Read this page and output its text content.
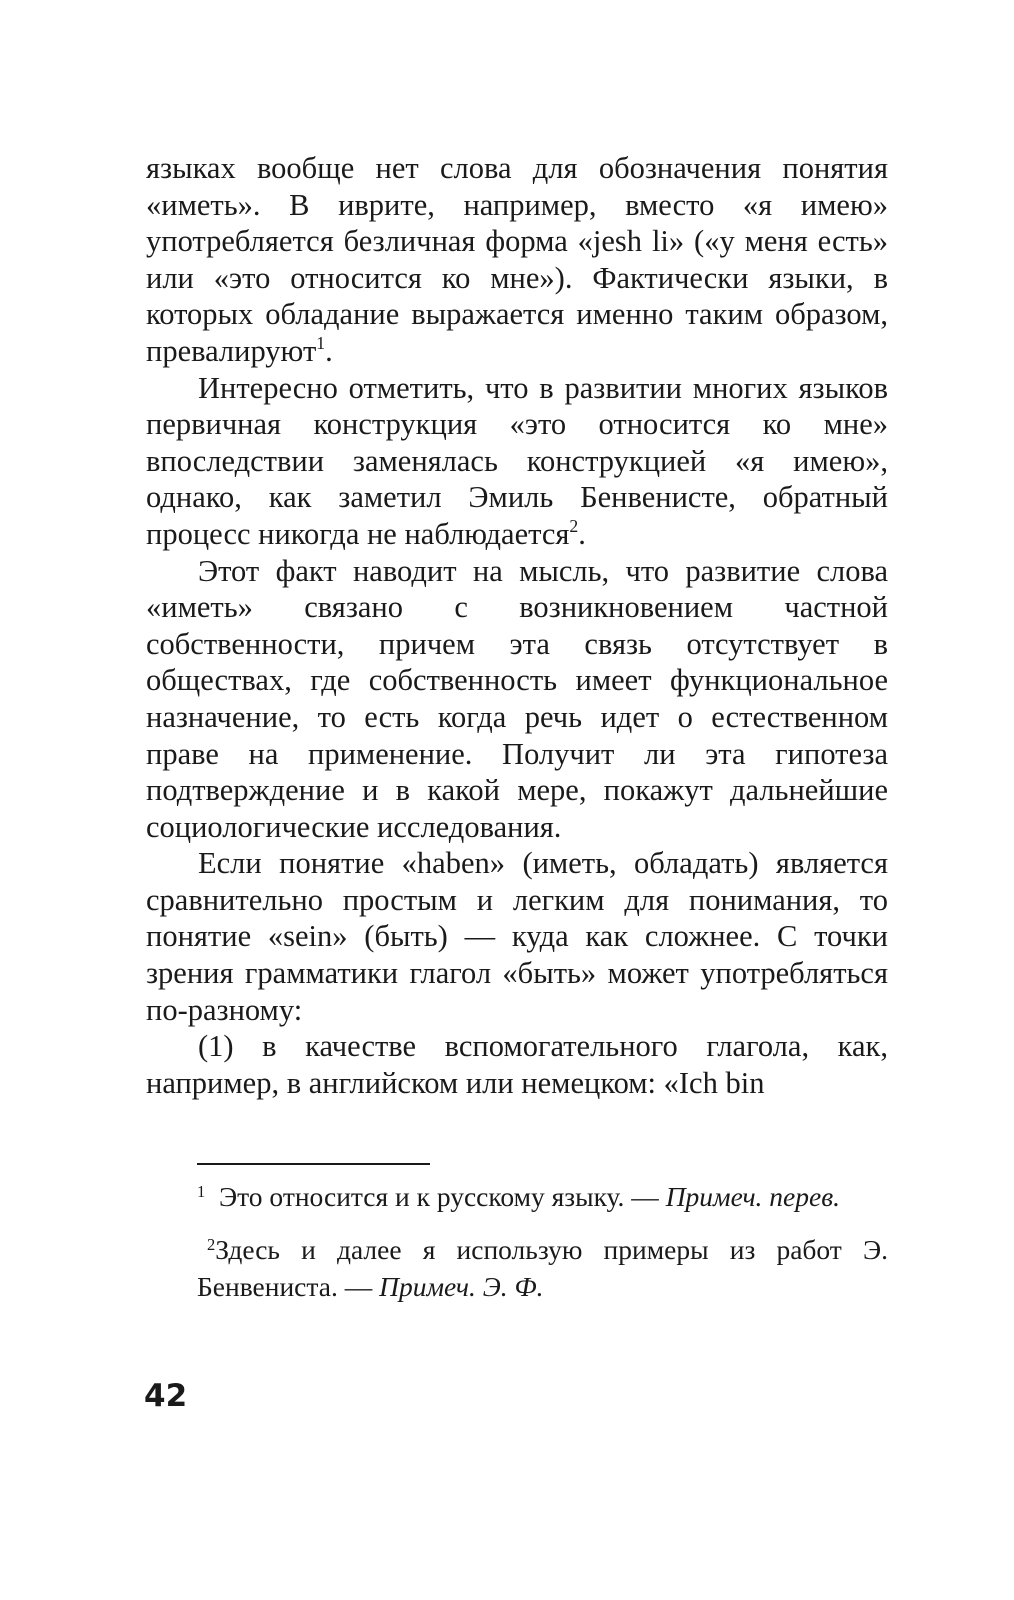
языках вообще нет слова для обозначения понятия «иметь». В иврите, например, вместо «я имею» употребляется безличная форма «jesh li» («у меня есть» или «это относится ко мне»). Фактически языки, в которых обладание выражается именно таким образом, превалируют$^1$.

Интересно отметить, что в развитии многих языков первичная конструкция «это относится ко мне» впоследствии заменялась конструкцией «я имею», однако, как заметил Эмиль Бенвенисте, обратный процесс никогда не наблюдается$^2$.

Этот факт наводит на мысль, что развитие слова «иметь» связано с возникновением частной собственности, причем эта связь отсутствует в обществах, где собственность имеет функциональное назначение, то есть когда речь идет о естественном праве на применение. Получит ли эта гипотеза подтверждение и в какой мере, покажут дальнейшие социологические исследования.

Если понятие «haben» (иметь, обладать) является сравнительно простым и легким для понимания, то понятие «sein» (быть) — куда как сложнее. С точки зрения грамматики глагол «быть» может употребляться по-разному:

(1) в качестве вспомогательного глагола, как, например, в английском или немецком: «Ich bin

$^1$ Это относится и к русскому языку. — Примеч. перев.

$^2$Здесь и далее я использую примеры из работ Э. Бенвениста. — Примеч. Э. Ф.

42
